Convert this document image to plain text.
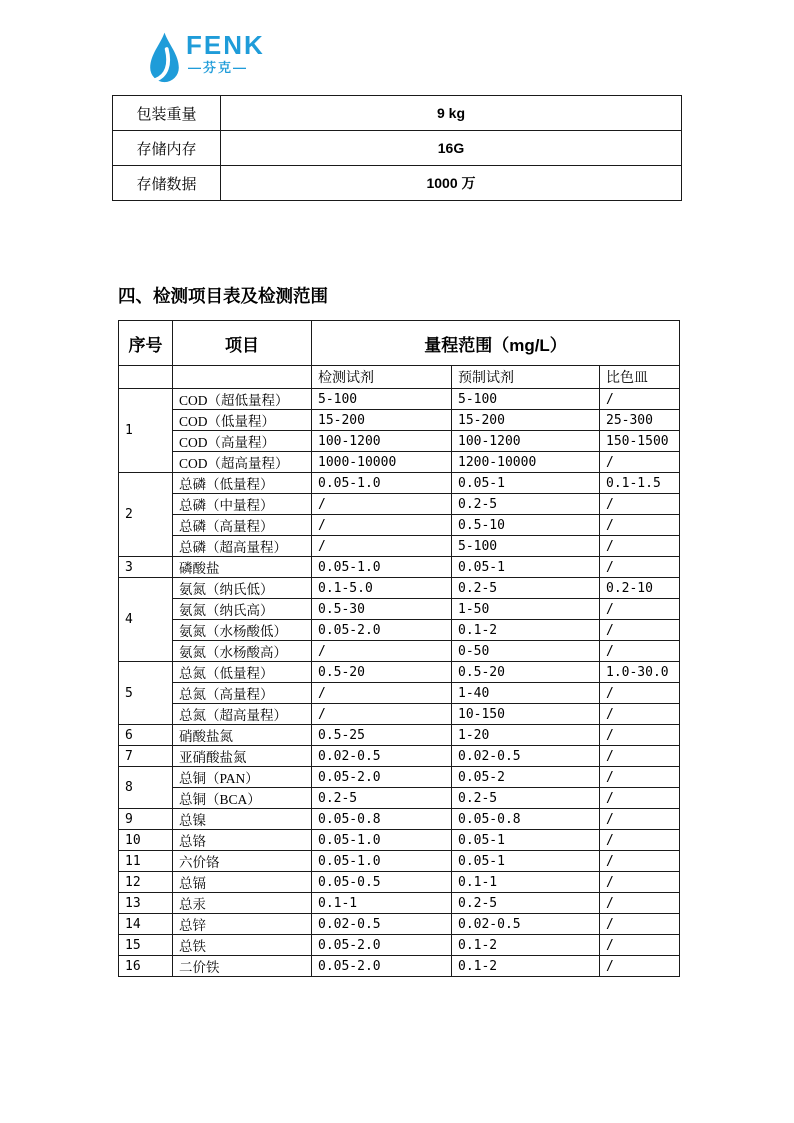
FENK
—芬克—
包装重量	9 kg
存储内存	16G
存储数据	1000 万
四、检测项目表及检测范围
序号	项目	量程范围（mg/L）		
		检测试剂	预制试剂	比色皿
1	COD（超低量程）	5-100	5-100	/
	COD（低量程）	15-200	15-200	25-300
	COD（高量程）	100-1200	100-1200	150-1500
	COD（超高量程）	1000-10000	1200-10000	/
2	总磷（低量程）	0.05-1.0	0.05-1	0.1-1.5
	总磷（中量程）	/	0.2-5	/
	总磷（高量程）	/	0.5-10	/
	总磷（超高量程）	/	5-100	/
3	磷酸盐	0.05-1.0	0.05-1	/
4	氨氮（纳氏低）	0.1-5.0	0.2-5	0.2-10
	氨氮（纳氏高）	0.5-30	1-50	/
	氨氮（水杨酸低）	0.05-2.0	0.1-2	/
	氨氮（水杨酸高）	/	0-50	/
5	总氮（低量程）	0.5-20	0.5-20	1.0-30.0
	总氮（高量程）	/	1-40	/
	总氮（超高量程）	/	10-150	/
6	硝酸盐氮	0.5-25	1-20	/
7	亚硝酸盐氮	0.02-0.5	0.02-0.5	/
8	总铜（PAN）	0.05-2.0	0.05-2	/
	总铜（BCA）	0.2-5	0.2-5	/
9	总镍	0.05-0.8	0.05-0.8	/
10	总铬	0.05-1.0	0.05-1	/
11	六价铬	0.05-1.0	0.05-1	/
12	总镉	0.05-0.5	0.1-1	/
13	总汞	0.1-1	0.2-5	/
14	总锌	0.02-0.5	0.02-0.5	/
15	总铁	0.05-2.0	0.1-2	/
16	二价铁	0.05-2.0	0.1-2	/
